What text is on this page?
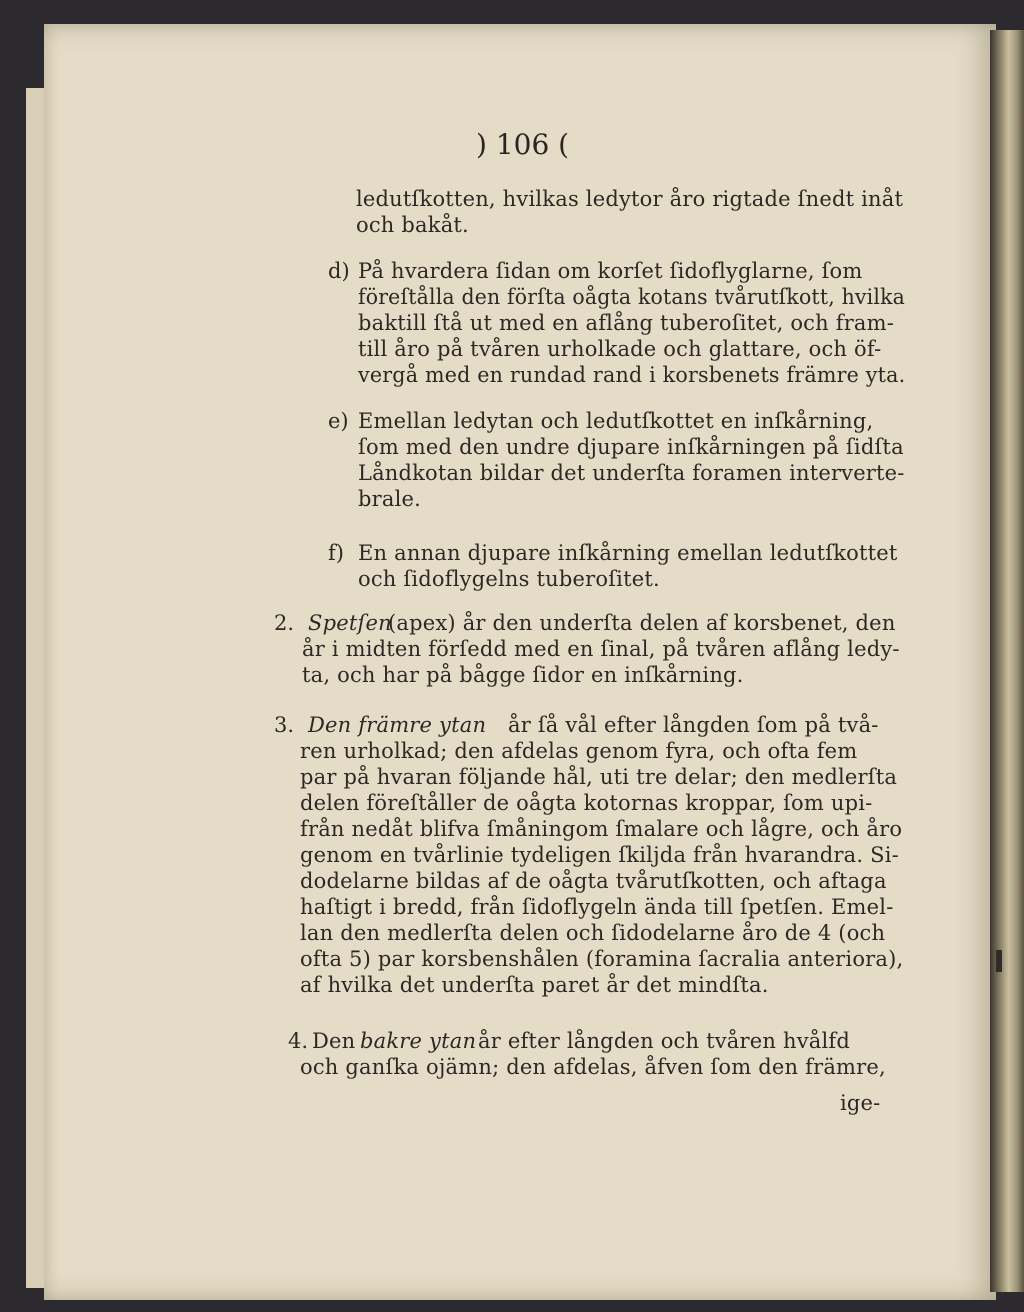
) 106 (
ledutſkotten, hvilkas ledytor åro rigtade ſnedt inåt
och bakåt.
d) På hvardera ſidan om korſet ſidoflyglarne, ſom
föreſtålla den förſta oågta kotans tvårutſkott, hvilka
baktill ſtå ut med en aflång tuberoſitet, och fram-
till åro på tvåren urholkade och glattare, och öf-
vergå med en rundad rand i korsbenets främre yta.
e) Emellan ledytan och ledutſkottet en inſkårning,
ſom med den undre djupare inſkårningen på ſidſta
Låndkotan bildar det underſta foramen interverte-
brale.
f) En annan djupare inſkårning emellan ledutſkottet
och ſidoflygelns tuberoſitet.
2. Spetſen
(apex) år den underſta delen af korsbenet, den
år i midten förſedd med en ſinal, på tvåren aflång ledy-
ta, och har på bågge ſidor en inſkårning.
3. Den främre ytan år ſå vål efter långden ſom på två-
ren urholkad; den afdelas genom fyra, och ofta fem
par på hvaran följande hål, uti tre delar; den medlerſta
delen föreſtåller de oågta kotornas kroppar, ſom upi-
från nedåt blifva ſmåningom ſmalare och lågre, och åro
genom en tvårlinie tydeligen ſkiljda från hvarandra. Si-
dodelarne bildas af de oågta tvårutſkotten, och aftaga
haſtigt i bredd, från ſidoflygeln ända till ſpetſen. Emel-
lan den medlerſta delen och ſidodelarne åro de 4 (och
ofta 5) par korsbenshålen (foramina ſacralia anteriora),
af hvilka det underſta paret år det mindſta.
4. Den bakre ytan år efter långden och tvåren hvålfd
och ganſka ojämn; den afdelas, åfven ſom den främre,
ige-
